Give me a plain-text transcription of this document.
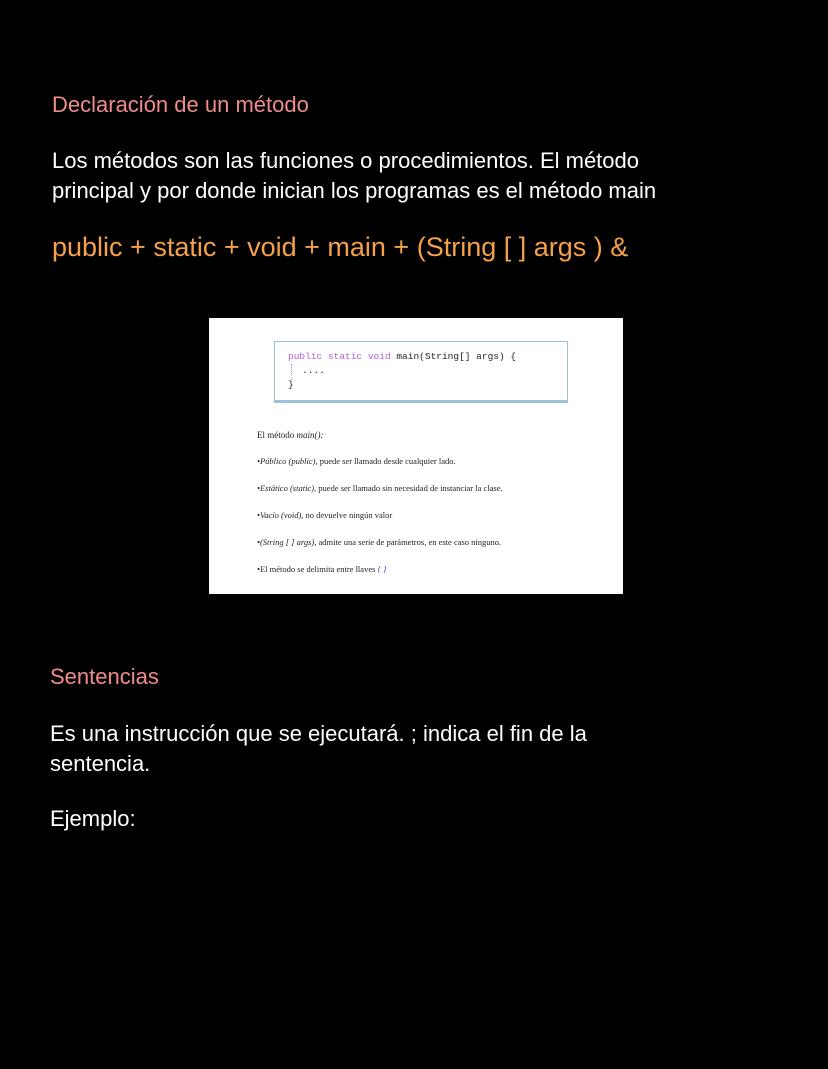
Declaración de un método
Los métodos son las funciones o procedimientos. El método
principal y por donde inician los programas es el método main
public + static + void + main + (String [ ] args ) &
public static void main(String[] args) {
....
}
El método main():
•Público (public), puede ser llamado desde cualquier lado.
•Estático (static), puede ser llamado sin necesidad de instanciar la clase.
•Vacío (void), no devuelve ningún valor
•(String [ ] args), admite una serie de parámetros, en este caso ninguno.
•El método se delimita entre llaves { }
Sentencias
Es una instrucción que se ejecutará. ; indica el fin de la
sentencia.
Ejemplo:
